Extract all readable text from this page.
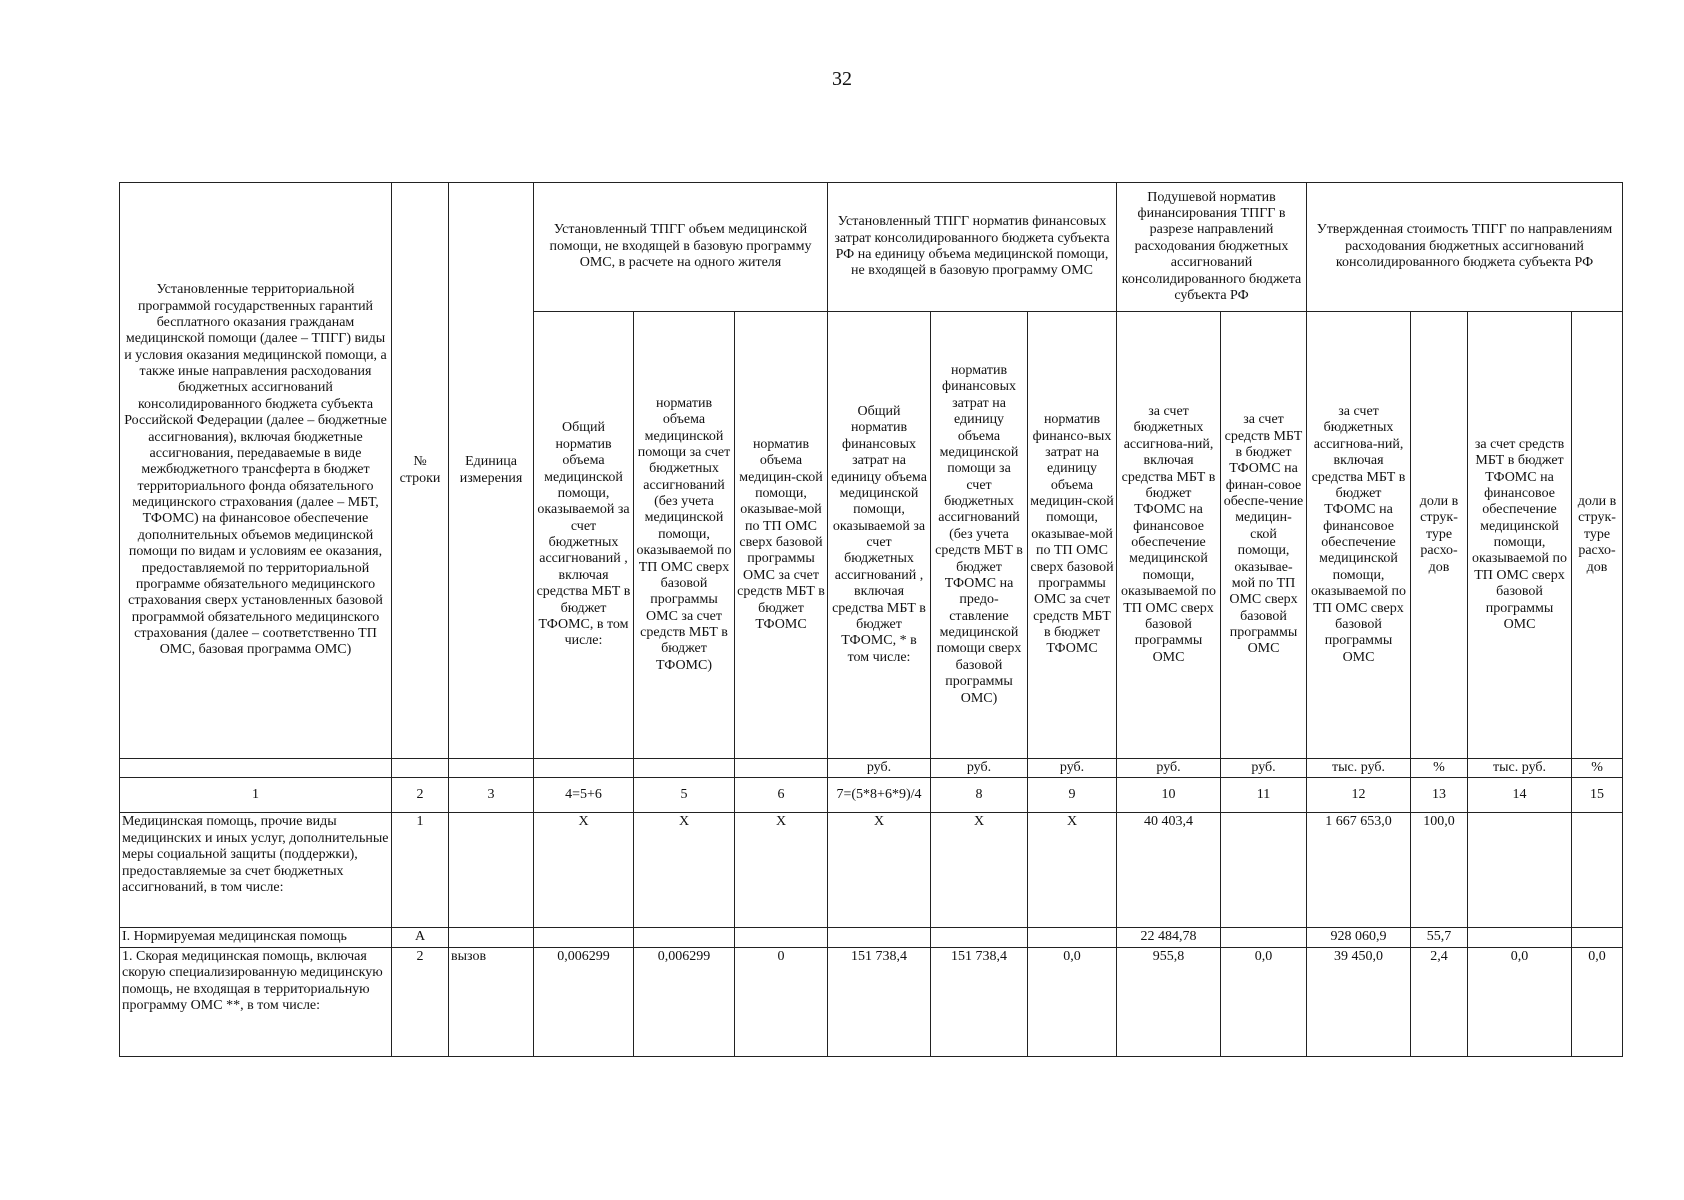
32
Установленные территориальной программой государственных гарантий бесплатного оказания гражданам медицинской помощи (далее – ТПГГ) виды и условия оказания медицинской помощи, а также иные направления расходования бюджетных ассигнований консолидированного бюджета субъекта Российской Федерации (далее – бюджетные ассигнования), включая бюджетные ассигнования, передаваемые в виде межбюджетного трансферта в бюджет территориального фонда обязательного медицинского страхования (далее – МБТ, ТФОМС) на финансовое обеспечение дополнительных объемов медицинской помощи по видам и условиям ее оказания, предоставляемой по территориальной программе обязательного медицинского страхования сверх установленных базовой программой обязательного медицинского страхования (далее – соответственно ТП ОМС, базовая программа ОМС)	№ строки	Единица измерения	Установленный ТПГГ объем медицинской помощи, не входящей в базовую программу ОМС, в расчете на одного жителя			Установленный ТПГГ норматив финансовых затрат консолидированного бюджета субъекта РФ на единицу объема медицинской помощи, не входящей в базовую программу ОМС			Подушевой норматив финансирования ТПГГ в разрезе направлений расходования бюджетных ассигнований консолидированного бюджета субъекта РФ		Утвержденная стоимость ТПГГ по направлениям расходования бюджетных ассигнований консолидированного бюджета субъекта РФ			
			Общий норматив объема медицинской помощи, оказываемой за счет бюджетных ассигнований , включая средства МБТ в бюджет ТФОМС, в том числе:	норматив объема медицинской помощи за счет бюджетных ассигнований (без учета медицинской помощи, оказываемой по ТП ОМС сверх базовой программы ОМС за счет средств МБТ в бюджет ТФОМС)	норматив объема медицин-ской помощи, оказывае-мой по ТП ОМС сверх базовой программы ОМС за счет средств МБТ в бюджет ТФОМС	Общий норматив финансовых затрат на единицу объема медицинской помощи, оказываемой за счет бюджетных ассигнований , включая средства МБТ в бюджет ТФОМС, * в том числе:	норматив финансовых затрат на единицу объема медицинской помощи за счет бюджетных ассигнований (без учета средств МБТ в бюджет ТФОМС на предо-ставление медицинской помощи сверх базовой программы ОМС)	норматив финансо-вых затрат на единицу объема медицин-ской помощи, оказывае-мой по ТП ОМС сверх базовой программы ОМС за счет средств МБТ в бюджет ТФОМС	за счет бюджетных ассигнова-ний, включая средства МБТ в бюджет ТФОМС на финансовое обеспечение медицинской помощи, оказываемой по ТП ОМС сверх базовой программы ОМС	за счет средств МБТ в бюджет ТФОМС на финан-совое обеспе-чение медицин-ской помощи, оказывае-мой по ТП ОМС сверх базовой программы ОМС	за счет бюджетных ассигнова-ний, включая средства МБТ в бюджет ТФОМС на финансовое обеспечение медицинской помощи, оказываемой по ТП ОМС сверх базовой программы ОМС	доли в струк-туре расхо-дов	за счет средств МБТ в бюджет ТФОМС на финансовое обеспечение медицинской помощи, оказываемой по ТП ОМС сверх базовой программы ОМС	доли в струк-туре расхо-дов
						руб.	руб.	руб.	руб.	руб.	тыс. руб.	%	тыс. руб.	%
1	2	3	4=5+6	5	6	7=(5*8+6*9)/4	8	9	10	11	12	13	14	15
Медицинская помощь, прочие виды медицинских и иных услуг, дополнительные меры социальной защиты (поддержки), предоставляемые за счет бюджетных ассигнований, в том числе:	1		X	X	X	X	X	X	40 403,4		1 667 653,0	100,0		
I. Нормируемая медицинская помощь	А								22 484,78		928 060,9	55,7		
1. Скорая медицинская помощь, включая скорую специализированную медицинскую помощь, не входящая в территориальную программу ОМС **, в том числе:	2	вызов	0,006299	0,006299	0	151 738,4	151 738,4	0,0	955,8	0,0	39 450,0	2,4	0,0	0,0
